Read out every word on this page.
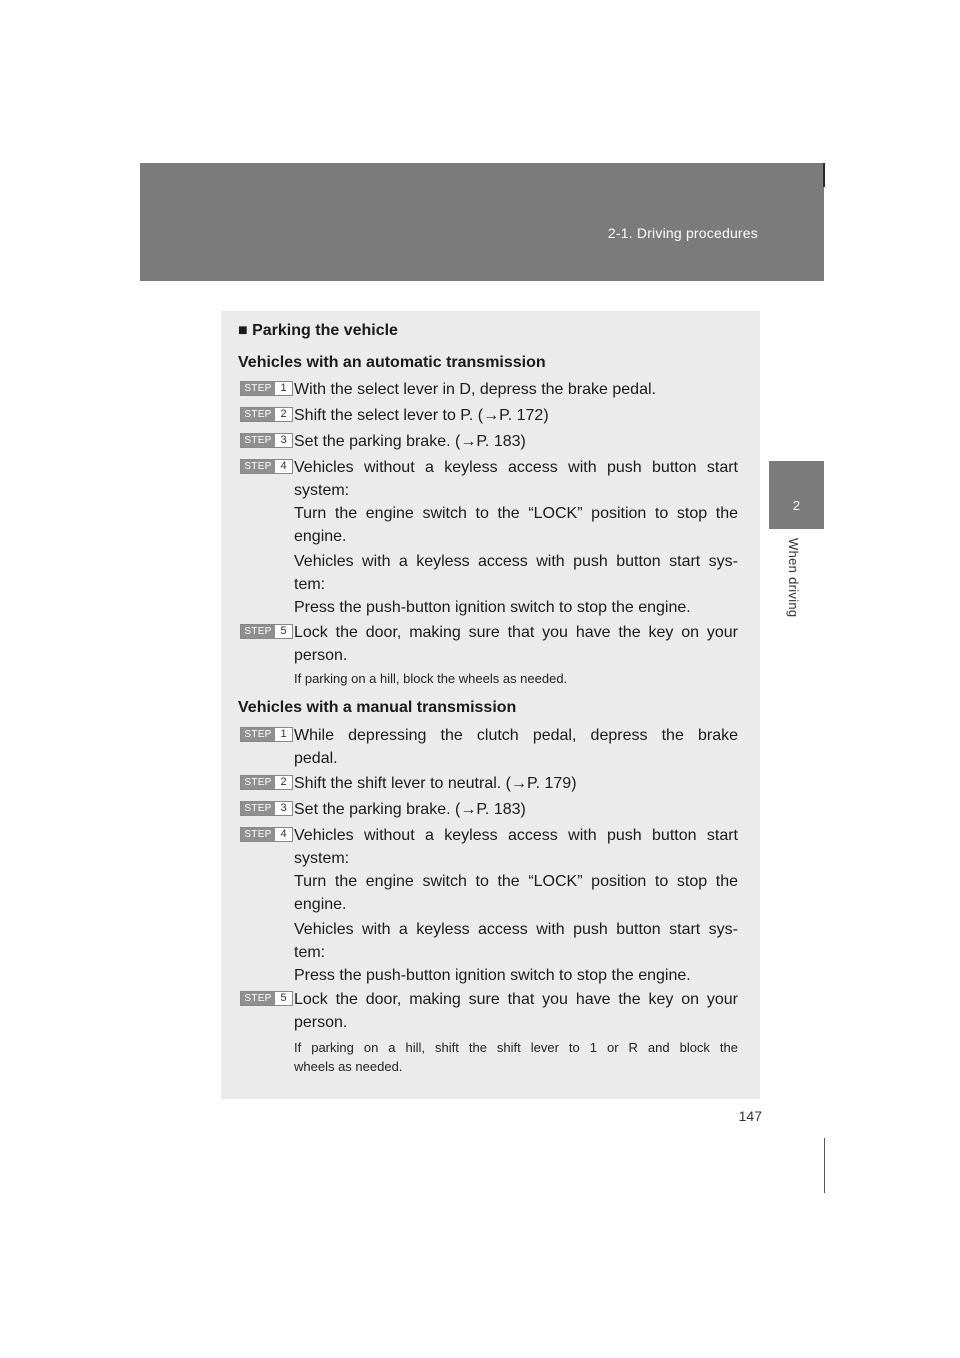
2-1. Driving procedures
2
When driving
■ Parking the vehicle
Vehicles with an automatic transmission
STEP 1 With the select lever in D, depress the brake pedal.
STEP 2 Shift the select lever to P. (→P. 172)
STEP 3 Set the parking brake. (→P. 183)
STEP 4 Vehicles without a keyless access with push button start
system:
Turn the engine switch to the “LOCK” position to stop the
engine.
Vehicles with a keyless access with push button start sys-
tem:
Press the push-button ignition switch to stop the engine.
STEP 5 Lock the door, making sure that you have the key on your
person.
If parking on a hill, block the wheels as needed.
Vehicles with a manual transmission
STEP 1 While depressing the clutch pedal, depress the brake
pedal.
STEP 2 Shift the shift lever to neutral. (→P. 179)
STEP 3 Set the parking brake. (→P. 183)
STEP 4 Vehicles without a keyless access with push button start
system:
Turn the engine switch to the “LOCK” position to stop the
engine.
Vehicles with a keyless access with push button start sys-
tem:
Press the push-button ignition switch to stop the engine.
STEP 5 Lock the door, making sure that you have the key on your
person.
If parking on a hill, shift the shift lever to 1 or R and block the
wheels as needed.
147
